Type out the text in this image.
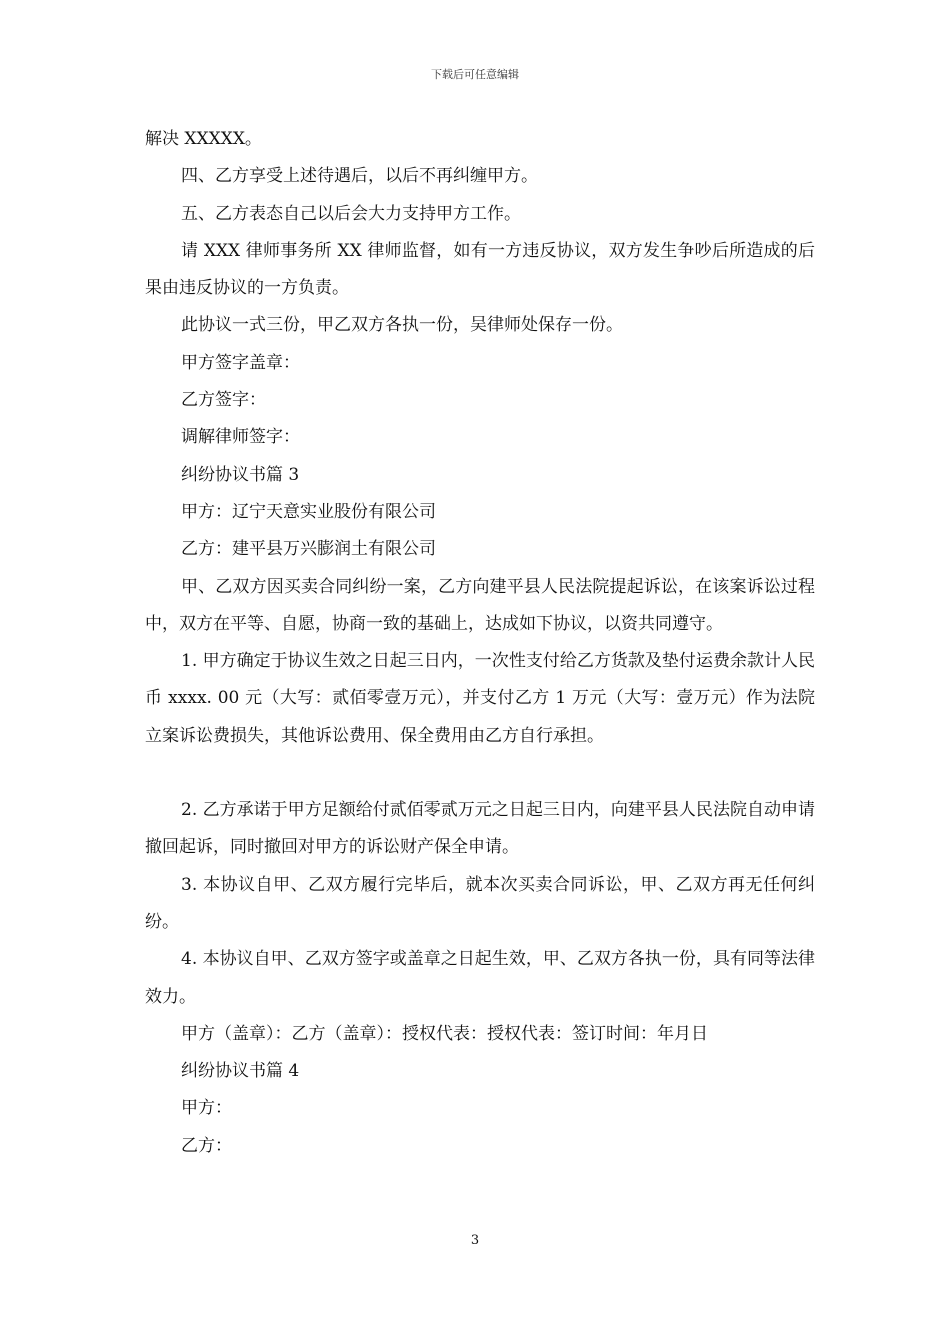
下载后可任意编辑

解决 XXXXX。

四、乙方享受上述待遇后，以后不再纠缠甲方。

五、乙方表态自己以后会大力支持甲方工作。

请 XXX 律师事务所 XX 律师监督，如有一方违反协议，双方发生争吵后所造成的后果由违反协议的一方负责。

此协议一式三份，甲乙双方各执一份，吴律师处保存一份。

甲方签字盖章：

乙方签字：

调解律师签字：

纠纷协议书篇 3

甲方：辽宁天意实业股份有限公司

乙方：建平县万兴膨润土有限公司

甲、乙双方因买卖合同纠纷一案，乙方向建平县人民法院提起诉讼，在该案诉讼过程中，双方在平等、自愿，协商一致的基础上，达成如下协议，以资共同遵守。

1. 甲方确定于协议生效之日起三日内，一次性支付给乙方货款及垫付运费余款计人民币 xxxx. 00 元（大写：贰佰零壹万元），并支付乙方 1 万元（大写：壹万元）作为法院立案诉讼费损失，其他诉讼费用、保全费用由乙方自行承担。

2. 乙方承诺于甲方足额给付贰佰零贰万元之日起三日内，向建平县人民法院自动申请撤回起诉，同时撤回对甲方的诉讼财产保全申请。

3. 本协议自甲、乙双方履行完毕后，就本次买卖合同诉讼，甲、乙双方再无任何纠纷。

4. 本协议自甲、乙双方签字或盖章之日起生效，甲、乙双方各执一份，具有同等法律效力。

甲方（盖章）：乙方（盖章）：授权代表：授权代表：签订时间：年月日

纠纷协议书篇 4

甲方：

乙方：

3
